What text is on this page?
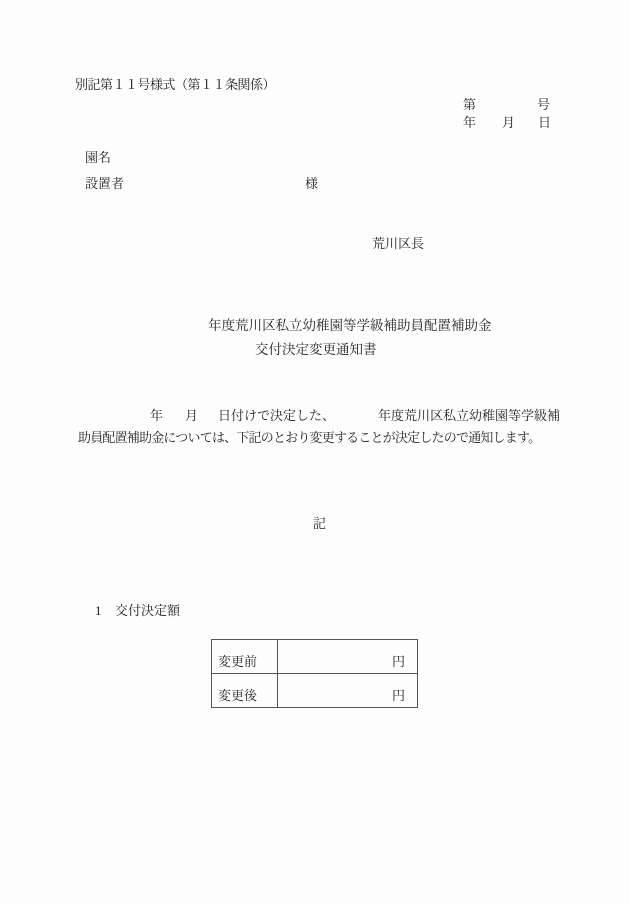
別記第１１号様式（第１１条関係）
第	号
年 月 日
園名
設置者	様
荒川区長
年度荒川区私立幼稚園等学級補助員配置補助金
交付決定変更通知書
年 月 日付けで決定した、	年度荒川区私立幼稚園等学級補
助員配置補助金については、下記のとおり変更することが決定したので通知します。
記
1 交付決定額
変更前	円
変更後	円
